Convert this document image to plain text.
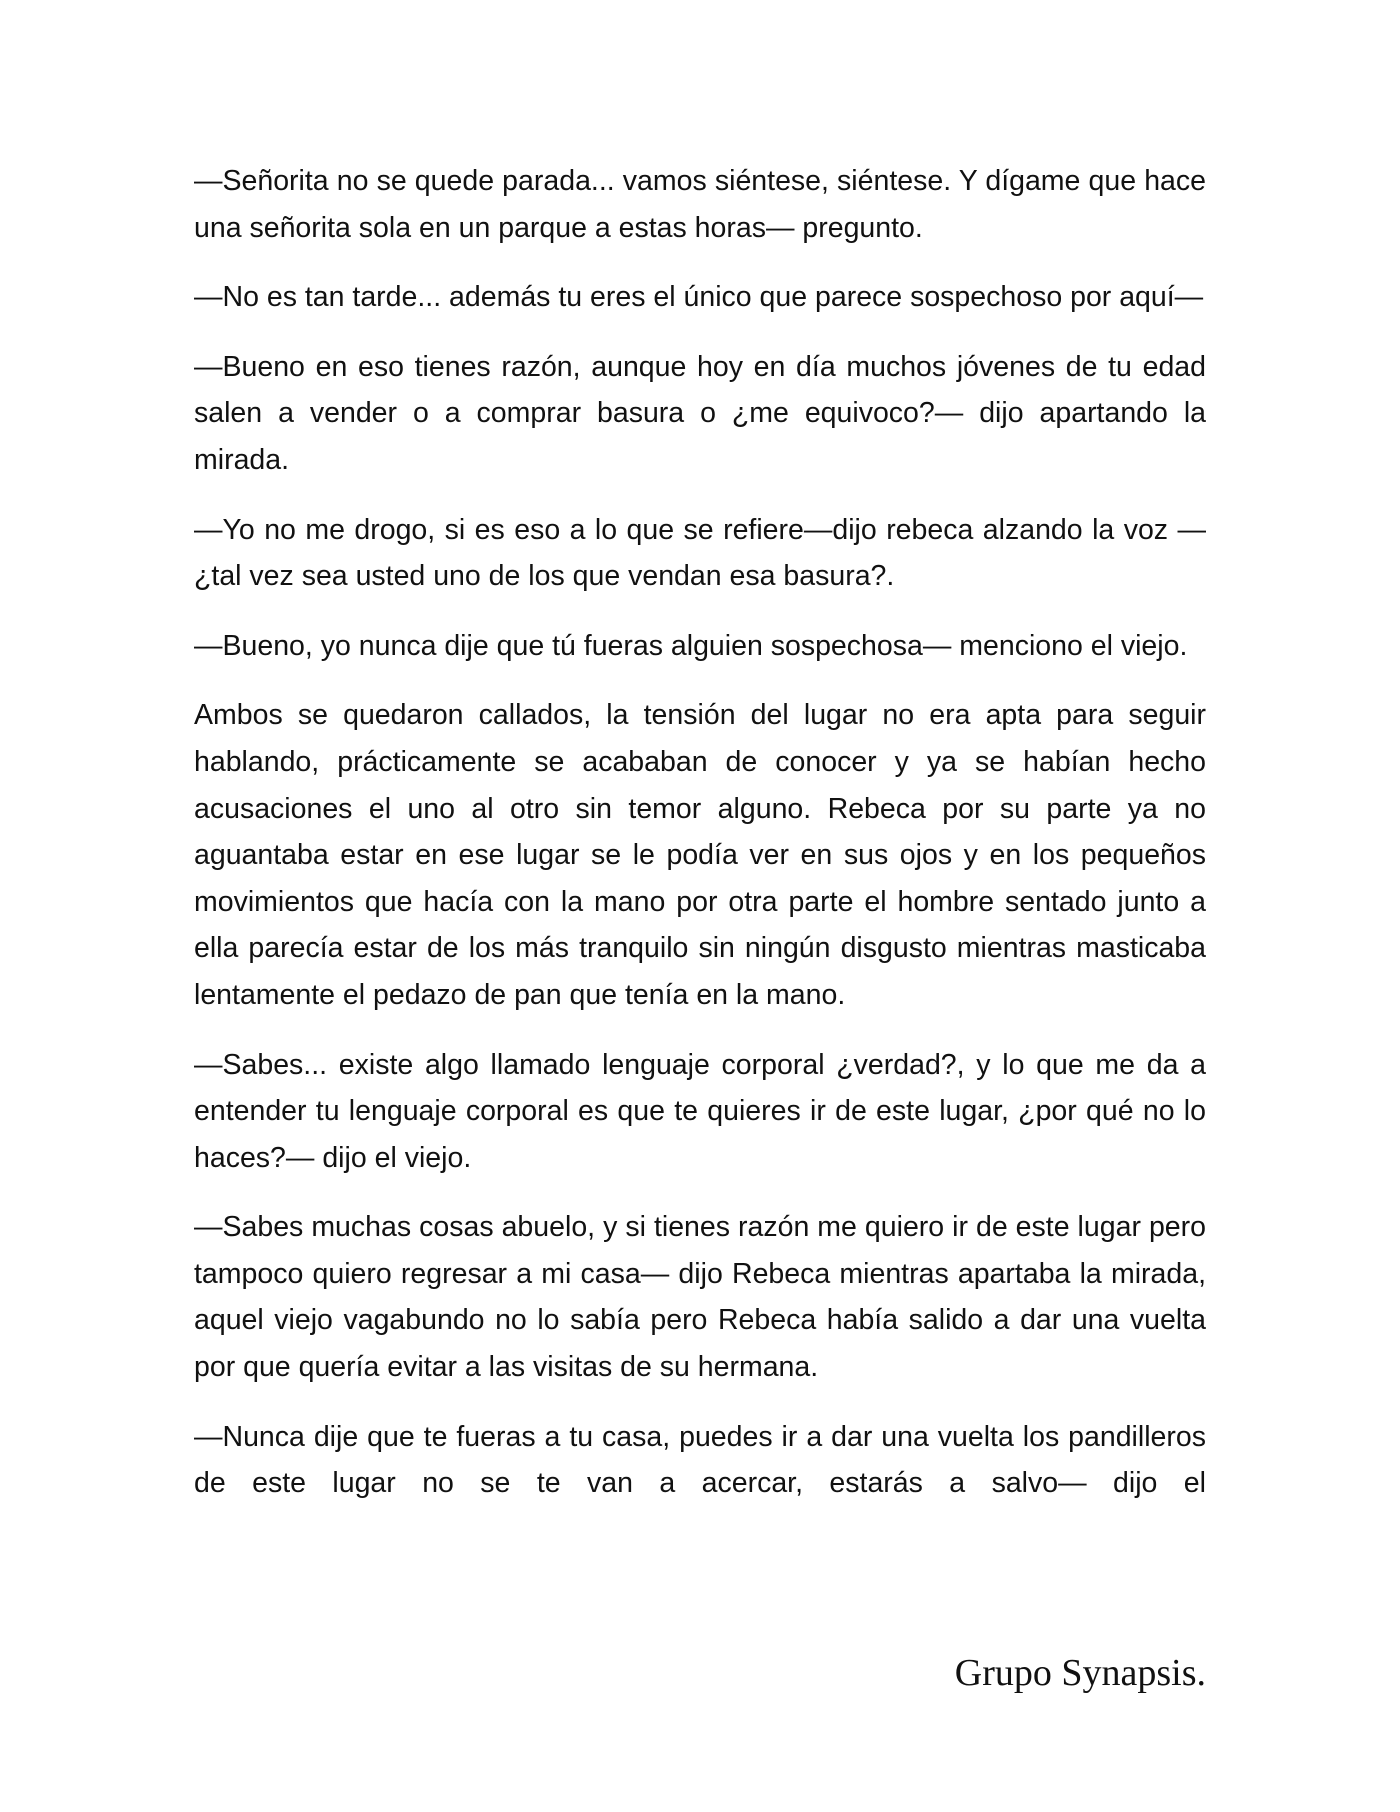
—Señorita no se quede parada... vamos siéntese, siéntese. Y dígame que hace una señorita sola en un parque a estas horas— pregunto.

—No es tan tarde... además tu eres el único que parece sospechoso por aquí—

—Bueno en eso tienes razón, aunque hoy en día muchos jóvenes de tu edad salen a vender o a comprar basura o ¿me equivoco?— dijo apartando la mirada.

—Yo no me drogo, si es eso a lo que se refiere—dijo rebeca alzando la voz —¿tal vez sea usted uno de los que vendan esa basura?.

—Bueno, yo nunca dije que tú fueras alguien sospechosa— menciono el viejo.

Ambos se quedaron callados, la tensión del lugar no era apta para seguir hablando, prácticamente se acababan de conocer y ya se habían hecho acusaciones el uno al otro sin temor alguno. Rebeca por su parte ya no aguantaba estar en ese lugar se le podía ver en sus ojos y en los pequeños movimientos que hacía con la mano por otra parte el hombre sentado junto a ella parecía estar de los más tranquilo sin ningún disgusto mientras masticaba lentamente el pedazo de pan que tenía en la mano.

—Sabes... existe algo llamado lenguaje corporal ¿verdad?, y lo que me da a entender tu lenguaje corporal es que te quieres ir de este lugar, ¿por qué no lo haces?— dijo el viejo.

—Sabes muchas cosas abuelo, y si tienes razón me quiero ir de este lugar pero tampoco quiero regresar a mi casa— dijo Rebeca mientras apartaba la mirada, aquel viejo vagabundo no lo sabía pero Rebeca había salido a dar una vuelta por que quería evitar a las visitas de su hermana.

—Nunca dije que te fueras a tu casa, puedes ir a dar una vuelta los pandilleros de este lugar no se te van a acercar, estarás a salvo— dijo el

Grupo Synapsis.
